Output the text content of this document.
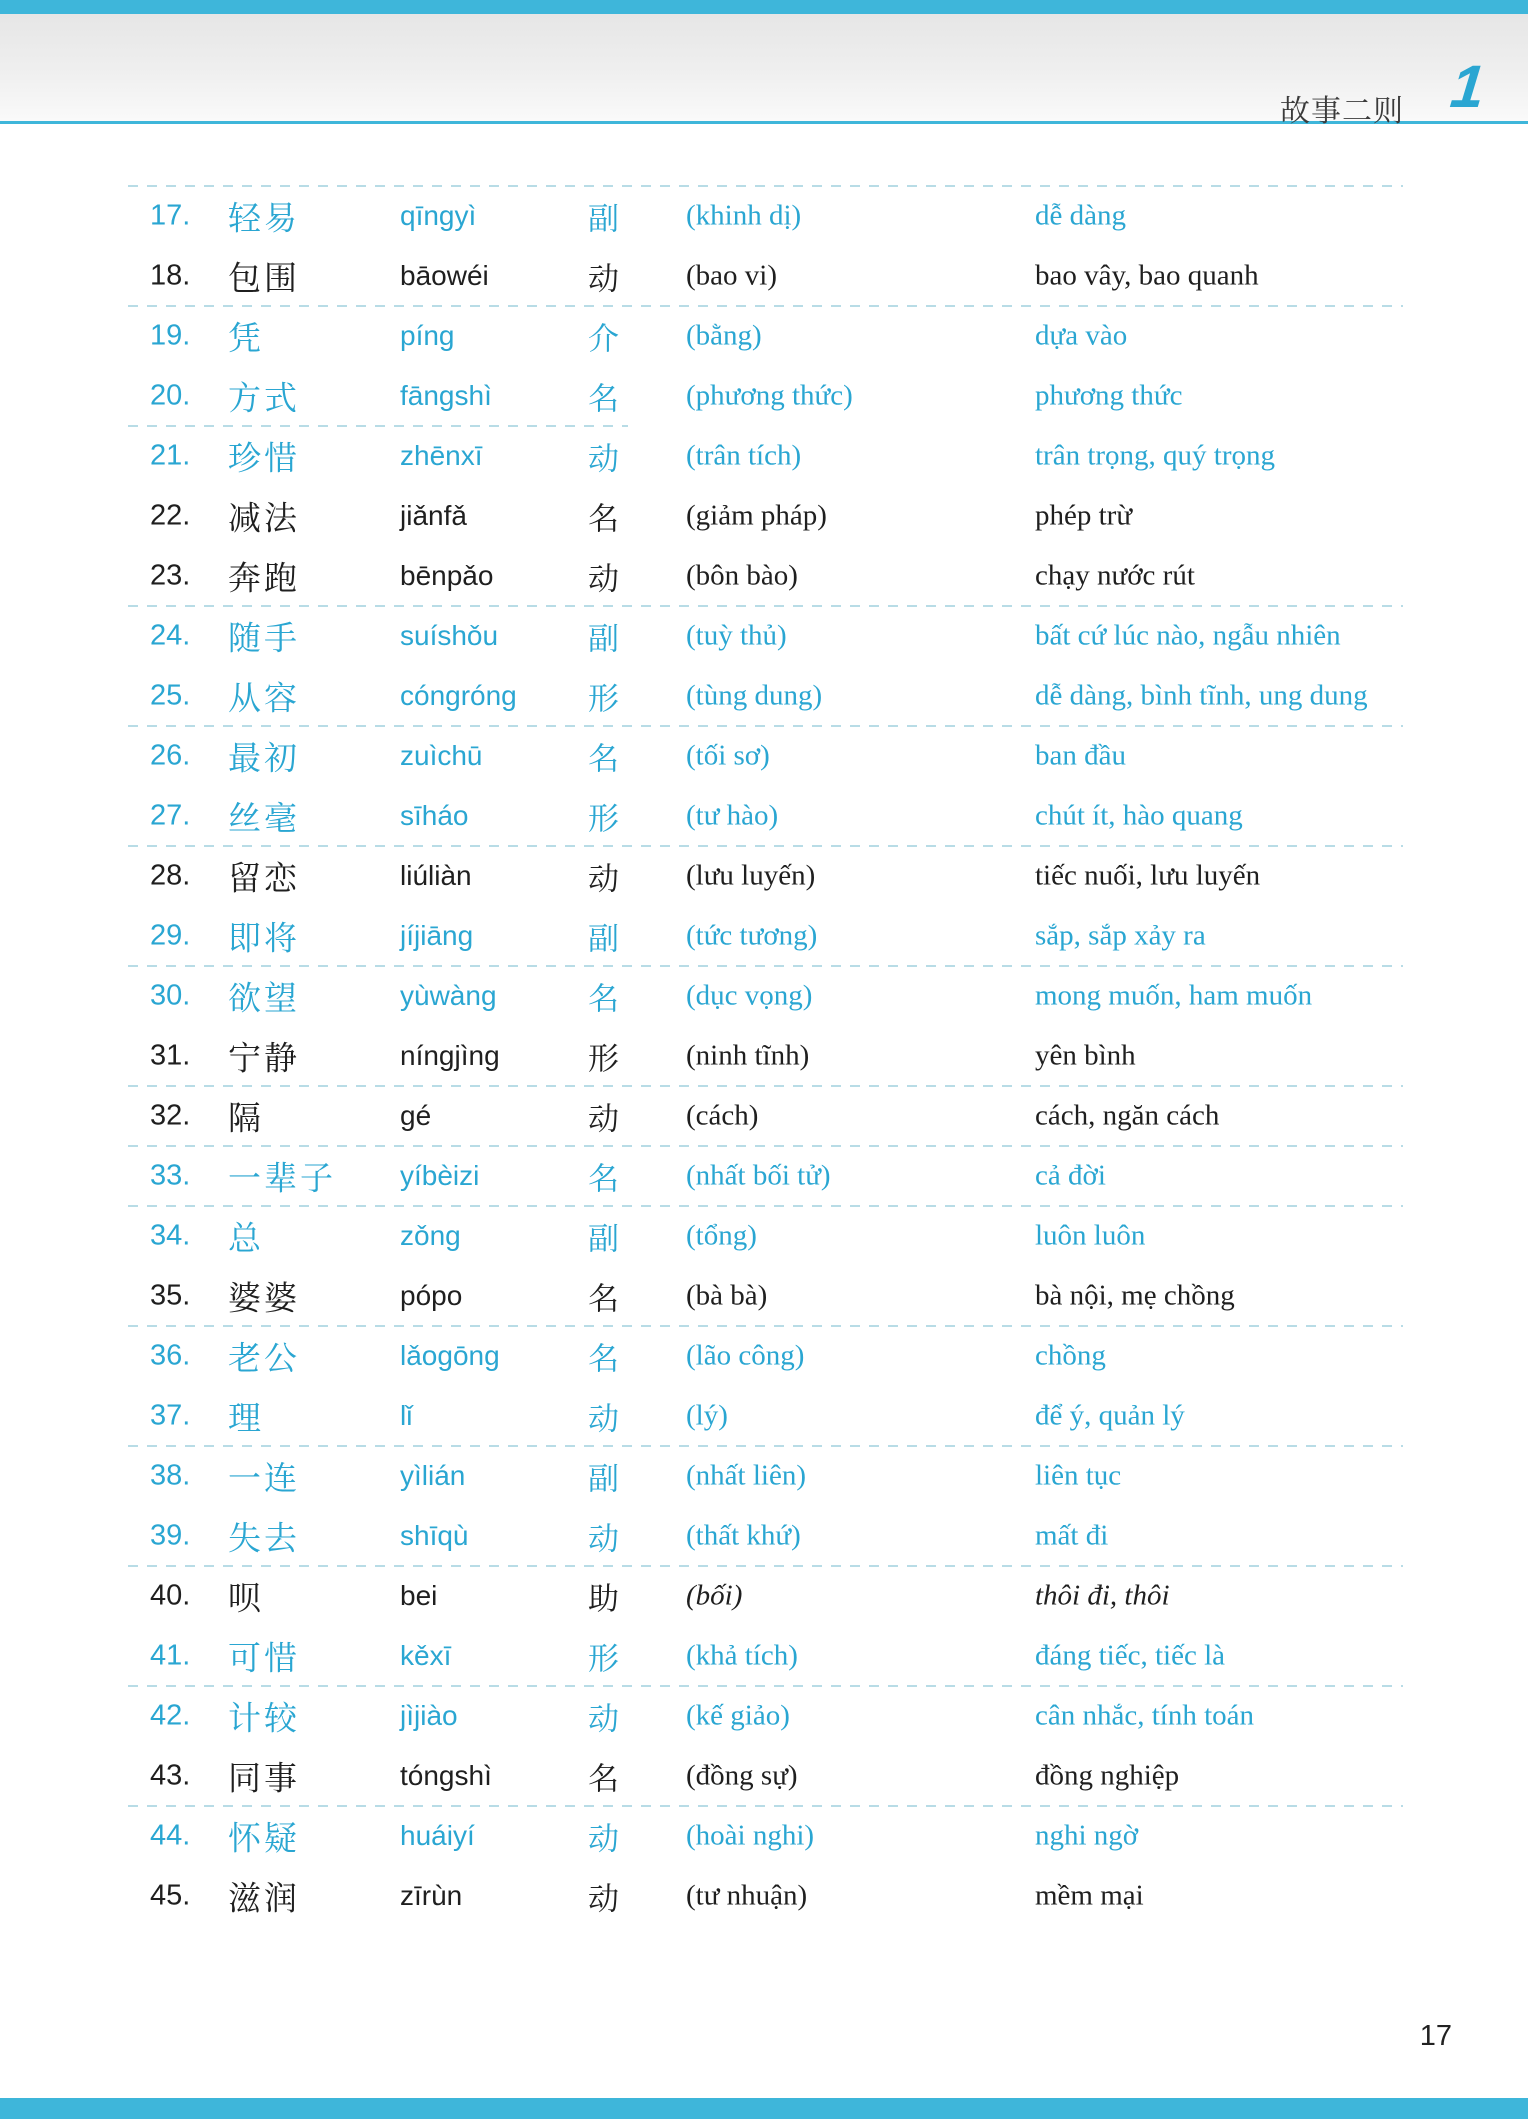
故事二则 1
17. 轻易	qīngyì	副 (khinh dị)	dễ dàng
18. 包围	bāowéi	动 (bao vi)	bao vây, bao quanh
19. 凭	píng	介 (bằng)	dựa vào
20. 方式	fāngshì	名 (phương thức)	phương thức
21. 珍惜	zhēnxī	动 (trân tích)	trân trọng, quý trọng
22. 减法	jiǎnfǎ	名 (giảm pháp)	phép trừ
23. 奔跑	bēnpǎo	动 (bôn bào)	chạy nước rút
24. 随手	suíshǒu	副 (tuỳ thủ)	bất cứ lúc nào, ngẫu nhiên
25. 从容	cóngróng 形 (tùng dung)	dễ dàng, bình tĩnh, ung dung
26. 最初	zuìchū	名 (tối sơ)	ban đầu
27. 丝毫	sīháo	形 (tư hào)	chút ít, hào quang
28. 留恋	liúliàn	动 (lưu luyến)	tiếc nuối, lưu luyến
29. 即将	jíjiāng	副 (tức tương)	sắp, sắp xảy ra
30. 欲望	yùwàng	名 (dục vọng)	mong muốn, ham muốn
31. 宁静	níngjìng	形 (ninh tĩnh)	yên bình
32. 隔	gé	动 (cách)	cách, ngăn cách
33. 一辈子 yíbèizi	名 (nhất bối tử)	cả đời
34. 总	zǒng	副 (tổng)	luôn luôn
35. 婆婆	pópo	名 (bà bà)	bà nội, mẹ chồng
36. 老公	lǎogōng	名 (lão công)	chồng
37. 理	lǐ	动 (lý)	để ý, quản lý
38. 一连	yìlián	副 (nhất liên)	liên tục
39. 失去	shīqù	动 (thất khứ)	mất đi
40. 呗	bei	助 (bối)	thôi đi, thôi
41. 可惜	kěxī	形 (khả tích)	đáng tiếc, tiếc là
42. 计较	jìjiào	动 (kế giảo)	cân nhắc, tính toán
43. 同事	tóngshì	名 (đồng sự)	đồng nghiệp
44. 怀疑	huáiyí	动 (hoài nghi)	nghi ngờ
45. 滋润	zīrùn	动 (tư nhuận)	mềm mại
17
